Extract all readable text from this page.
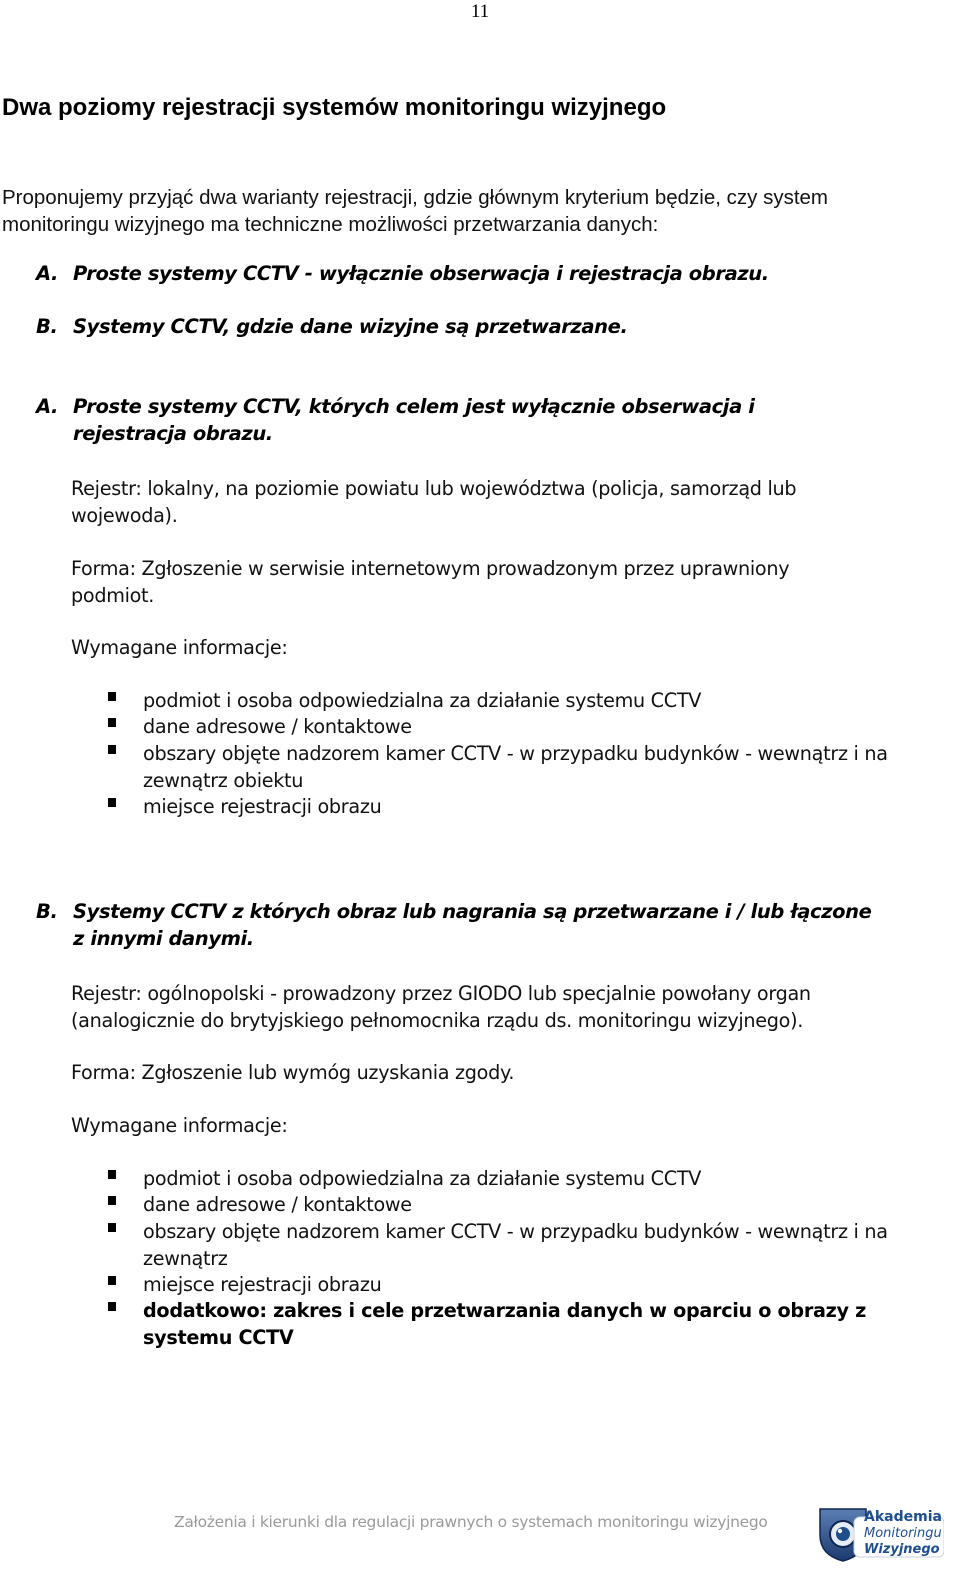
11
Dwa poziomy rejestracji systemów monitoringu wizyjnego
Proponujemy przyjąć dwa warianty rejestracji, gdzie głównym kryterium będzie, czy system monitoringu wizyjnego ma techniczne możliwości przetwarzania danych:
A. Proste systemy CCTV - wyłącznie obserwacja i rejestracja obrazu.
B. Systemy CCTV, gdzie dane wizyjne są przetwarzane.
A. Proste systemy CCTV, których celem jest wyłącznie obserwacja i
rejestracja obrazu.
Rejestr: lokalny, na poziomie powiatu lub województwa (policja, samorząd lub wojewoda).
Forma: Zgłoszenie w serwisie internetowym prowadzonym przez uprawniony podmiot.
Wymagane informacje:
podmiot i osoba odpowiedzialna za działanie systemu CCTV
dane adresowe / kontaktowe
obszary objęte nadzorem kamer CCTV - w przypadku budynków - wewnątrz i na zewnątrz obiektu
miejsce rejestracji obrazu
B. Systemy CCTV z których obraz lub nagrania są przetwarzane i / lub łączone
z innymi danymi.
Rejestr: ogólnopolski - prowadzony przez GIODO lub specjalnie powołany organ (analogicznie do brytyjskiego pełnomocnika rządu ds. monitoringu wizyjnego).
Forma: Zgłoszenie lub wymóg uzyskania zgody.
Wymagane informacje:
podmiot i osoba odpowiedzialna za działanie systemu CCTV
dane adresowe / kontaktowe
obszary objęte nadzorem kamer CCTV - w przypadku budynków - wewnątrz i na zewnątrz
miejsce rejestracji obrazu
dodatkowo: zakres i cele przetwarzania danych w oparciu o obrazy z systemu CCTV
Założenia i kierunki dla regulacji prawnych o systemach monitoringu wizyjnego	Akademia
Monitoringu
Wizyjnego
